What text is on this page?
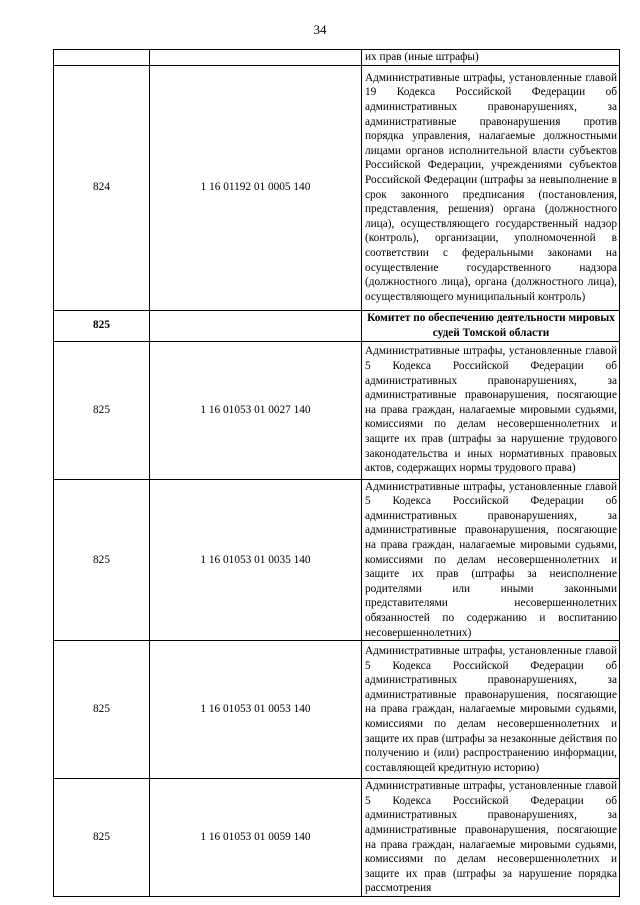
34

		их прав (иные штрафы)

824	1 16 01192 01 0005 140	Административные штрафы, установленные главой 19 Кодекса Российской Федерации об административных правонарушениях, за административные правонарушения против порядка управления, налагаемые должностными лицами органов исполнительной власти субъектов Российской Федерации, учреждениями субъектов Российской Федерации (штрафы за невыполнение в срок законного предписания (постановления, представления, решения) органа (должностного лица), осуществляющего государственный надзор (контроль), организации, уполномоченной в соответствии с федеральными законами на осуществление государственного надзора (должностного лица), органа (должностного лица), осуществляющего муниципальный контроль)

825		Комитет по обеспечению деятельности мировых судей Томской области

825	1 16 01053 01 0027 140	Административные штрафы, установленные главой 5 Кодекса Российской Федерации об административных правонарушениях, за административные правонарушения, посягающие на права граждан, налагаемые мировыми судьями, комиссиями по делам несовершеннолетних и защите их прав (штрафы за нарушение трудового законодательства и иных нормативных правовых актов, содержащих нормы трудового права)

825	1 16 01053 01 0035 140	Административные штрафы, установленные главой 5 Кодекса Российской Федерации об административных правонарушениях, за административные правонарушения, посягающие на права граждан, налагаемые мировыми судьями, комиссиями по делам несовершеннолетних и защите их прав (штрафы за неисполнение родителями или иными законными представителями несовершеннолетних обязанностей по содержанию и воспитанию несовершеннолетних)

825	1 16 01053 01 0053 140	Административные штрафы, установленные главой 5 Кодекса Российской Федерации об административных правонарушениях, за административные правонарушения, посягающие на права граждан, налагаемые мировыми судьями, комиссиями по делам несовершеннолетних и защите их прав (штрафы за незаконные действия по получению и (или) распространению информации, составляющей кредитную историю)

825	1 16 01053 01 0059 140	Административные штрафы, установленные главой 5 Кодекса Российской Федерации об административных правонарушениях, за административные правонарушения, посягающие на права граждан, налагаемые мировыми судьями, комиссиями по делам несовершеннолетних и защите их прав (штрафы за нарушение порядка рассмотрения
